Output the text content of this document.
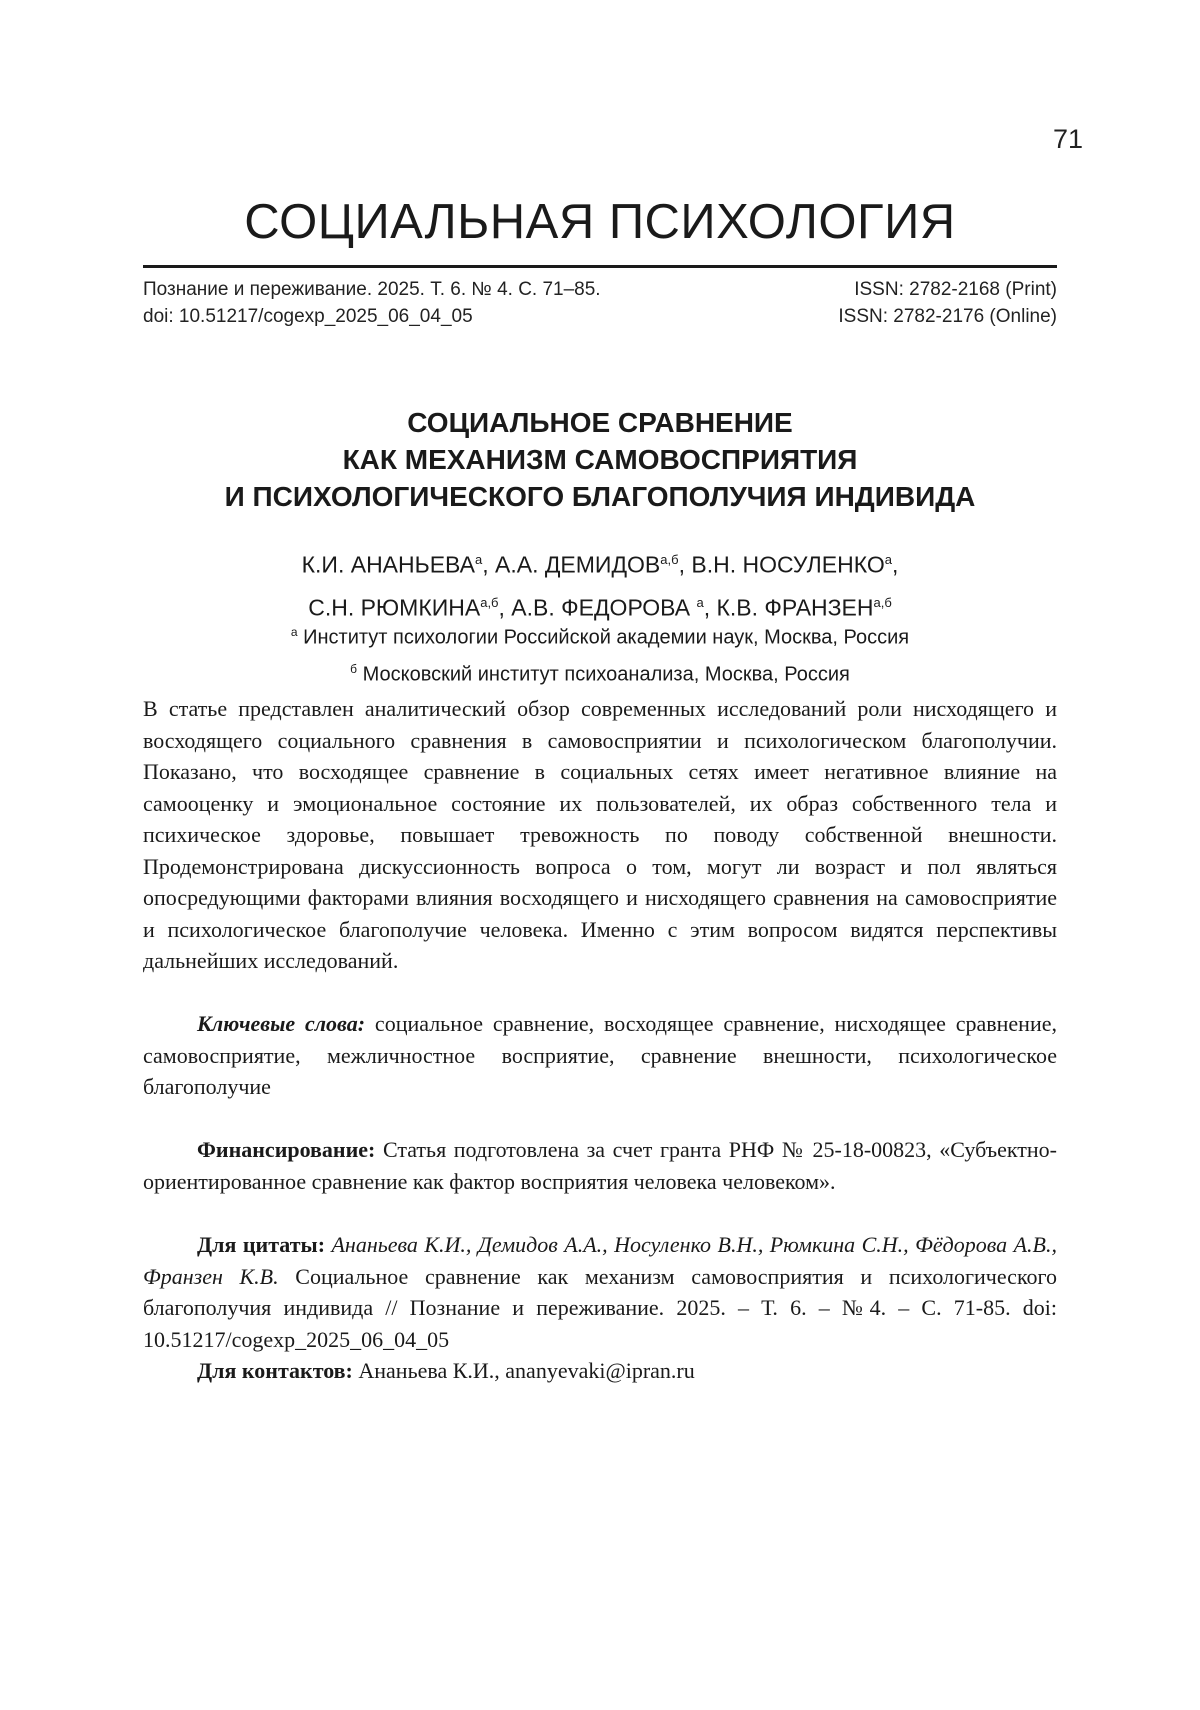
71
СОЦИАЛЬНАЯ ПСИХОЛОГИЯ
Познание и переживание. 2025. Т. 6. № 4. С. 71–85.
doi: 10.51217/cogexp_2025_06_04_05
ISSN: 2782-2168 (Print)
ISSN: 2782-2176 (Online)
СОЦИАЛЬНОЕ СРАВНЕНИЕ
КАК МЕХАНИЗМ САМОВОСПРИЯТИЯ
И ПСИХОЛОГИЧЕСКОГО БЛАГОПОЛУЧИЯ ИНДИВИДА
К.И. $АНАНЬЕВА^а$, А.А. $ДЕМИДОВ^{а,б}$, В.Н. $НОСУЛЕНКО^а$,
С.Н. $РЮМКИНА^{а,б}$, А.В. ФЕДОРОВА $^а$, К.В. $ФРАНЗЕН^{а,б}$
$^а$ Институт психологии Российской академии наук, Москва, Россия
$^б$ Московский институт психоанализа, Москва, Россия

В статье представлен аналитический обзор современных исследований роли нисходящего и восходящего социального сравнения в самовосприятии и психологическом благополучии. Показано, что восходящее сравнение в социальных сетях имеет негативное влияние на самооценку и эмоциональное состояние их пользователей, их образ собственного тела и психическое здоровье, повышает тревожность по поводу собственной внешности. Продемонстрирована дискуссионность вопроса о том, могут ли возраст и пол являться опосредующими факторами влияния восходящего и нисходящего сравнения на самовосприятие и психологическое благополучие человека. Именно с этим вопросом видятся перспективы дальнейших исследований.

Ключевые слова: социальное сравнение, восходящее сравнение, нисходящее сравнение, самовосприятие, межличностное восприятие, сравнение внешности, психологическое благополучие

Финансирование: Статья подготовлена за счет гранта РНФ № 25-18-00823, «Субъектно-ориентированное сравнение как фактор восприятия человека человеком».

Для цитаты: Ананьева К.И., Демидов А.А., Носуленко В.Н., Рюмкина С.Н., Фёдорова А.В., Франзен К.В. Социальное сравнение как механизм самовосприятия и психологического благополучия индивида // Познание и переживание. 2025. – Т. 6. – №4. – С. 71-85. doi: 10.51217/cogexp_2025_06_04_05

Для контактов: Ананьева К.И., ananyevaki@ipran.ru
